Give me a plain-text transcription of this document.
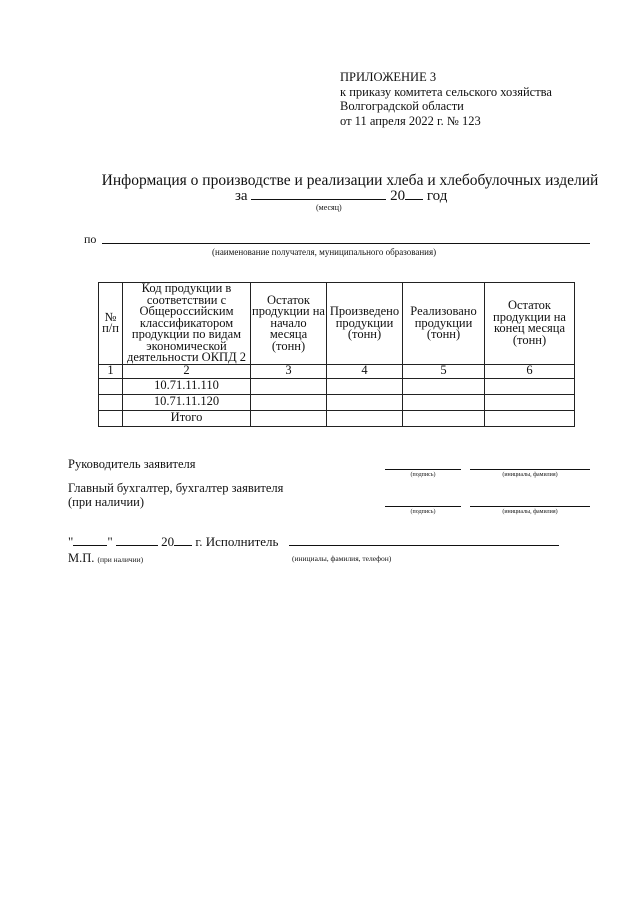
ПРИЛОЖЕНИЕ 3
к приказу комитета сельского хозяйства
Волгоградской области
от 11 апреля 2022 г. № 123
Информация о производстве и реализации хлеба и хлебобулочных изделий
за	20 год
(месяц)
по
(наименование получателя, муниципального образования)
№ п/п	Код продукции в соответствии с Общероссийским классификатором продукции по видам экономической деятельности ОКПД 2	Остаток продукции на начало месяца (тонн)	Произведено продукции (тонн)	Реализовано продукции (тонн)	Остаток продукции на конец месяца (тонн)
1	2	3	4	5	6
	10.71.11.110				
	10.71.11.120				
	Итого				
Руководитель заявителя
(подпись)	(инициалы, фамилия)
Главный бухгалтер, бухгалтер заявителя
(при наличии)
(подпись)	(инициалы, фамилия)
"	"	20 г. Исполнитель
М.П. (при наличии)	(инициалы, фамилия, телефон)
